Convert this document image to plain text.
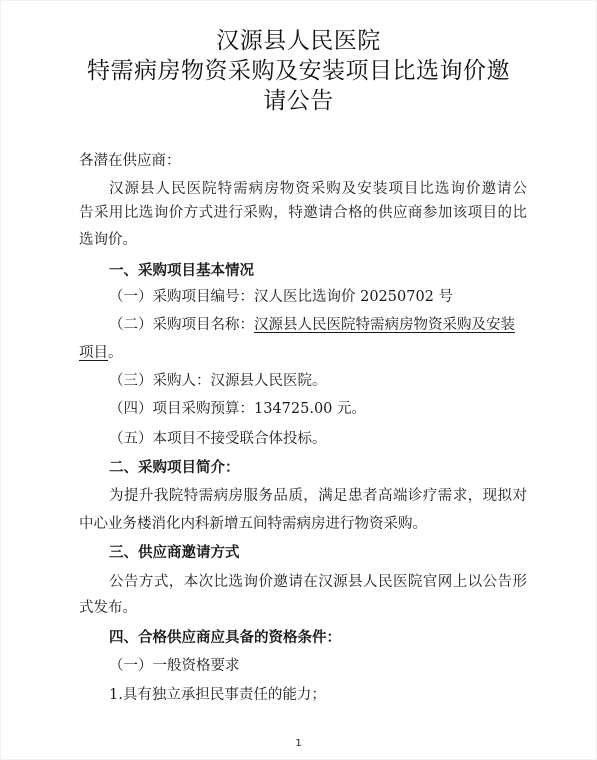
汉源县人民医院
特需病房物资采购及安装项目比选询价邀
请公告
各潜在供应商：
汉源县人民医院特需病房物资采购及安装项目比选询价邀请公
告采用比选询价方式进行采购，特邀请合格的供应商参加该项目的比
选询价。
一、采购项目基本情况
（一）采购项目编号：汉人医比选询价 20250702 号
（二）采购项目名称：汉源县人民医院特需病房物资采购及安装
项目。
（三）采购人：汉源县人民医院。
（四）项目采购预算：134725.00 元。
（五）本项目不接受联合体投标。
二、采购项目简介：
为提升我院特需病房服务品质，满足患者高端诊疗需求，现拟对
中心业务楼消化内科新增五间特需病房进行物资采购。
三、供应商邀请方式
公告方式，本次比选询价邀请在汉源县人民医院官网上以公告形
式发布。
四、合格供应商应具备的资格条件：
（一）一般资格要求
1.具有独立承担民事责任的能力；
1
